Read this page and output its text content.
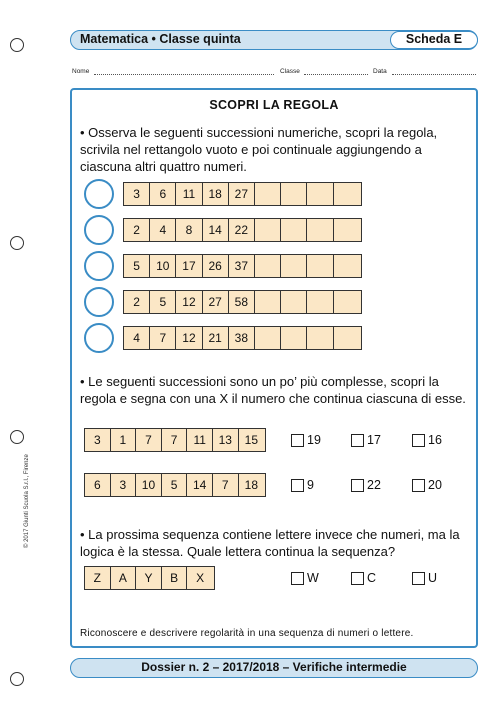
Matematica • Classe quinta	Scheda E
Nome	Classe	Data
SCOPRI LA REGOLA
• Osserva le seguenti successioni numeriche, scopri la regola, scrivila nel rettangolo vuoto e poi continuale aggiungendo a ciascuna altri quattro numeri.
3	6	11	18	27
2	4	8	14	22
5	10	17	26	37
2	5	12	27	58
4	7	12	21	38
• Le seguenti successioni sono un po’ più complesse, scopri la regola e segna con una X il numero che continua ciascuna di esse.
3	1	7	7	11	13	15	19	17	16
6	3	10	5	14	7	18	9	22	20
• La prossima sequenza contiene lettere invece che numeri, ma la logica è la stessa. Quale lettera continua la sequenza?
Z	A	Y	B	X	W	C	U
Riconoscere e descrivere regolarità in una sequenza di numeri o lettere.
Dossier n. 2 – 2017/2018 – Verifiche intermedie
© 2017 Giunti Scuola S.r.l., Firenze
